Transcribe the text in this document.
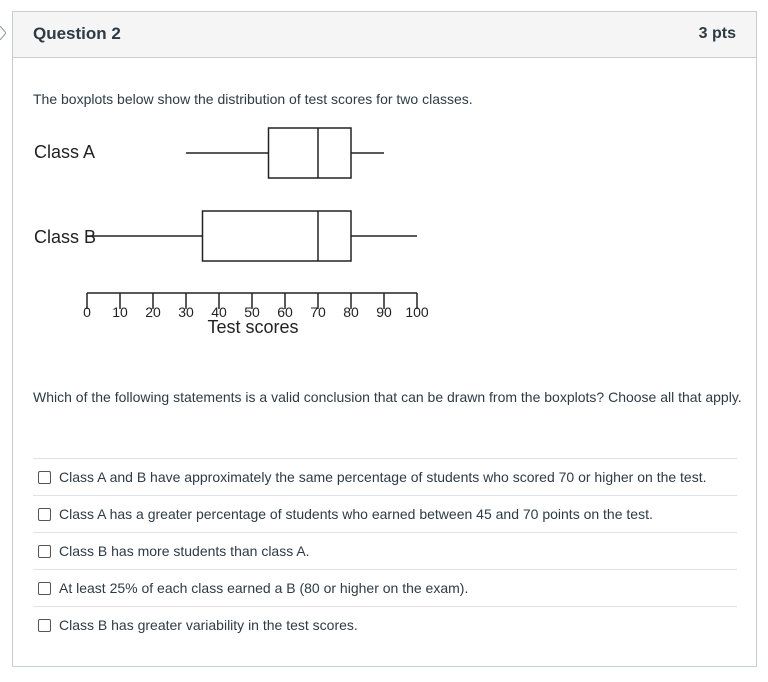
Question 2	3 pts
The boxplots below show the distribution of test scores for two classes.
Class A
Class B
0 10 20 30 40 50 60 70 80 90 100
Test scores
Which of the following statements is a valid conclusion that can be drawn from the boxplots? Choose all that apply.
Class A and B have approximately the same percentage of students who scored 70 or higher on the test.
Class A has a greater percentage of students who earned between 45 and 70 points on the test.
Class B has more students than class A.
At least 25% of each class earned a B (80 or higher on the exam).
Class B has greater variability in the test scores.
